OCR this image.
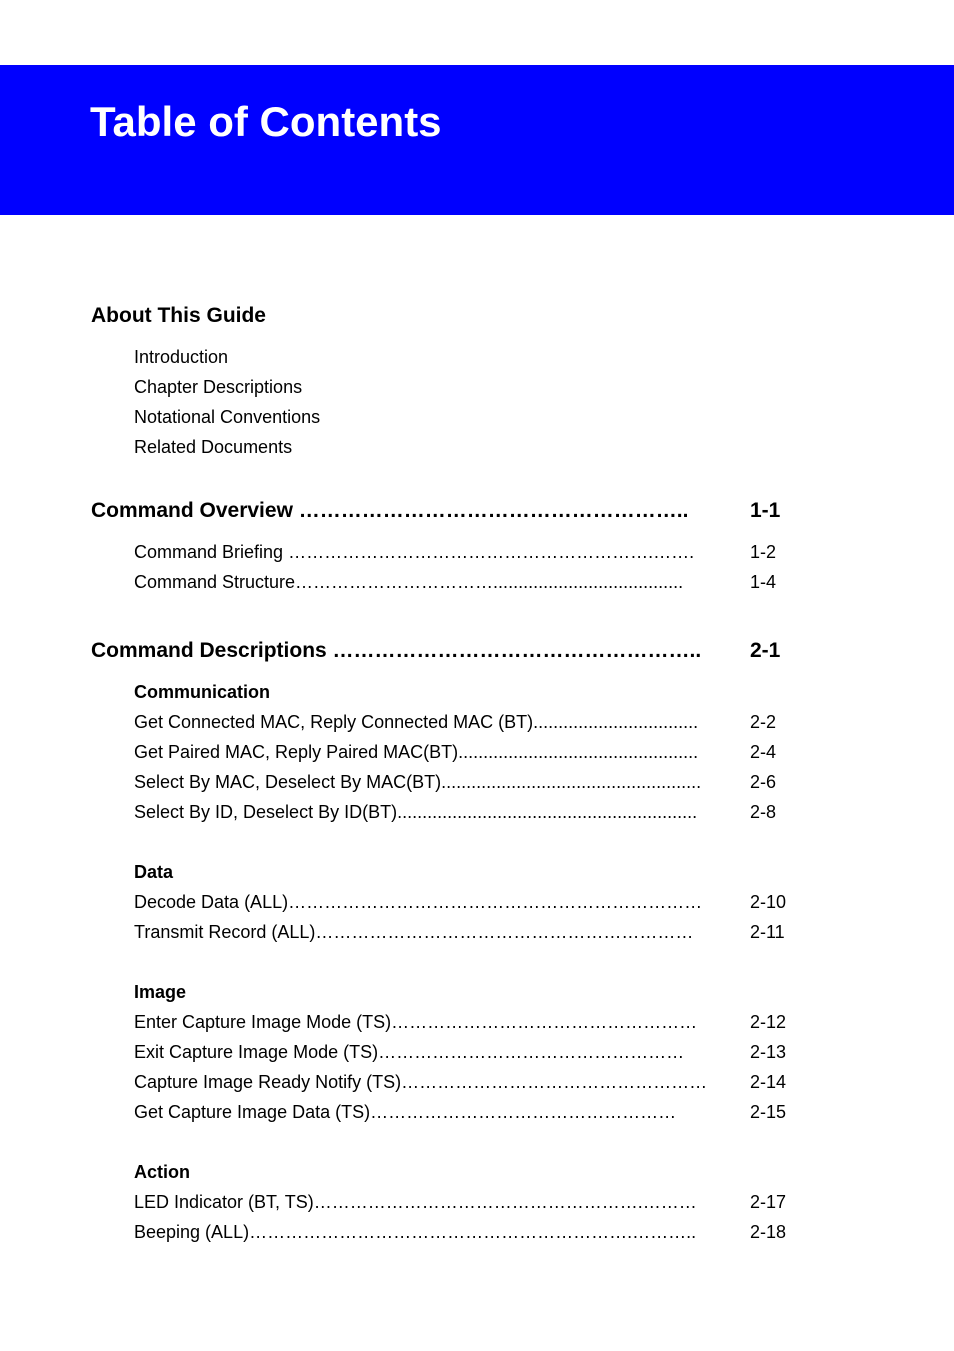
Table of Contents
About This Guide
Introduction
Chapter Descriptions
Notational Conventions
Related Documents
Command Overview ………………………………………………..	1-1
Command Briefing …………………………………………………….…….	1-2
Command Structure……………………………......................................	1-4
Command Descriptions …………………………………………….. 2-1
Communication
Get Connected MAC, Reply Connected MAC (BT).................................	2-2
Get Paired MAC, Reply Paired MAC(BT)................................................	2-4
Select By MAC, Deselect By MAC(BT)....................................................	2-6
Select By ID, Deselect By ID(BT)............................................................	2-8
Data
Decode Data (ALL)……………………………………………………………	2-10
Transmit Record (ALL)………………………………………………………	2-11
Image
Enter Capture Image Mode (TS)……………………………………………	2-12
Exit Capture Image Mode (TS)……………………………………………	2-13
Capture Image Ready Notify (TS)…………………………………………… 2-14
Get Capture Image Data (TS)……………………………………………	2-15
Action
LED Indicator (BT, TS)……………………………………………….………	2-17
Beeping (ALL)……………………………………………………….………..	2-18
